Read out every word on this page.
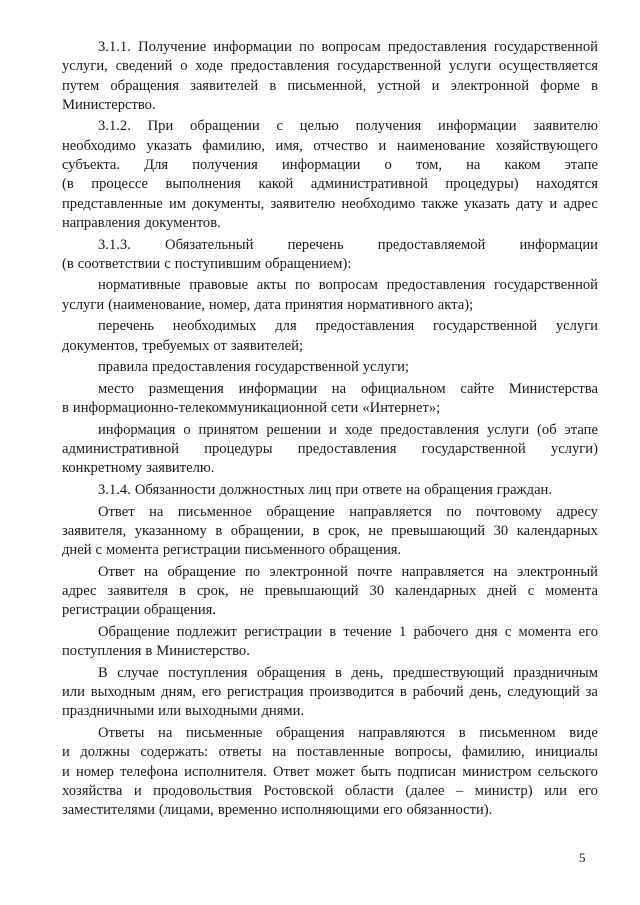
3.1.1. Получение информации по вопросам предоставления государственной
услуги, сведений о ходе предоставления государственной услуги осуществляется
путем обращения заявителей в письменной, устной и электронной форме в
Министерство.
3.1.2. При обращении с целью получения информации заявителю
необходимо указать фамилию, имя, отчество и наименование хозяйствующего
субъекта. Для получения информации о том, на каком этапе
(в процессе выполнения какой административной процедуры) находятся
представленные им документы, заявителю необходимо также указать дату и адрес
направления документов.
3.1.3. Обязательный перечень предоставляемой информации
(в соответствии с поступившим обращением):
нормативные правовые акты по вопросам предоставления государственной
услуги (наименование, номер, дата принятия нормативного акта);
перечень необходимых для предоставления государственной услуги
документов, требуемых от заявителей;
правила предоставления государственной услуги;
место размещения информации на официальном сайте Министерства
в информационно-телекоммуникационной сети «Интернет»;
информация о принятом решении и ходе предоставления услуги (об этапе
административной процедуры предоставления государственной услуги)
конкретному заявителю.
3.1.4. Обязанности должностных лиц при ответе на обращения граждан.
Ответ на письменное обращение направляется по почтовому адресу
заявителя, указанному в обращении, в срок, не превышающий 30 календарных
дней с момента регистрации письменного обращения.
Ответ на обращение по электронной почте направляется на электронный
адрес заявителя в срок, не превышающий 30 календарных дней с момента
регистрации обращения.
Обращение подлежит регистрации в течение 1 рабочего дня с момента его
поступления в Министерство.
В случае поступления обращения в день, предшествующий праздничным
или выходным дням, его регистрация производится в рабочий день, следующий за
праздничными или выходными днями.
Ответы на письменные обращения направляются в письменном виде
и должны содержать: ответы на поставленные вопросы, фамилию, инициалы
и номер телефона исполнителя. Ответ может быть подписан министром сельского
хозяйства и продовольствия Ростовской области (далее – министр) или его
заместителями (лицами, временно исполняющими его обязанности).
5
